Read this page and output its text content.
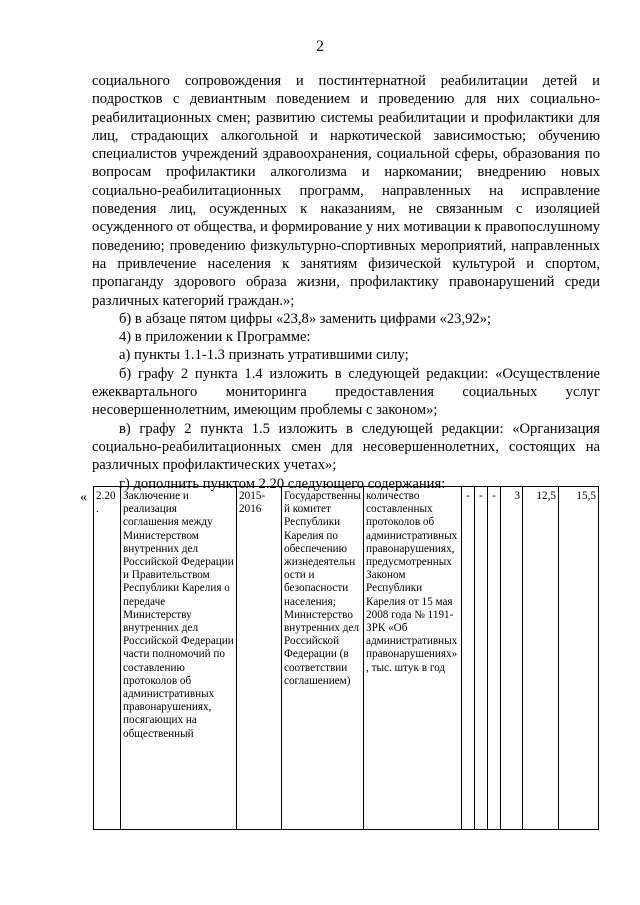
2

социального сопровождения и постинтернатной реабилитации детей и подростков с девиантным поведением и проведению для них социально-реабилитационных смен; развитию системы реабилитации и профилактики для лиц, страдающих алкогольной и наркотической зависимостью; обучению специалистов учреждений здравоохранения, социальной сферы, образования по вопросам профилактики алкоголизма и наркомании; внедрению новых социально-реабилитационных программ, направленных на исправление поведения лиц, осужденных к наказаниям, не связанным с изоляцией осужденного от общества, и формирование у них мотивации к правопослушному поведению; проведению физкультурно-спортивных мероприятий, направленных на привлечение населения к занятиям физической культурой и спортом, пропаганду здорового образа жизни, профилактику правонарушений среди различных категорий граждан.»;

б) в абзаце пятом цифры «23,8» заменить цифрами «23,92»;

4) в приложении к Программе:

а) пункты 1.1-1.3 признать утратившими силу;

б) графу 2 пункта 1.4 изложить в следующей редакции: «Осуществление ежеквартального мониторинга предоставления социальных услуг несовершеннолетним, имеющим проблемы с законом»;

в) графу 2 пункта 1.5 изложить в следующей редакции: «Организация социально-реабилитационных смен для несовершеннолетних, состоящих на различных профилактических учетах»;

г) дополнить пунктом 2.20 следующего содержания:

« 2.20.	Заключение и реализация соглашения между Министерством внутренних дел Российской Федерации и Правительством Республики Карелия о передаче Министерству внутренних дел Российской Федерации части полномочий по составлению протоколов об административных правонарушениях, посягающих на общественный	2015-2016	Государственный комитет Республики Карелия по обеспечению жизнедеятельности и безопасности населения; Министерство внутренних дел Российской Федерации (в соответствии соглашением)	количество составленных протоколов об административных правонарушениях, предусмотренных Законом Республики Карелия от 15 мая 2008 года № 1191-ЗРК «Об административных правонарушениях», тыс. штук в год	-	-	-	3	12,5	15,5
